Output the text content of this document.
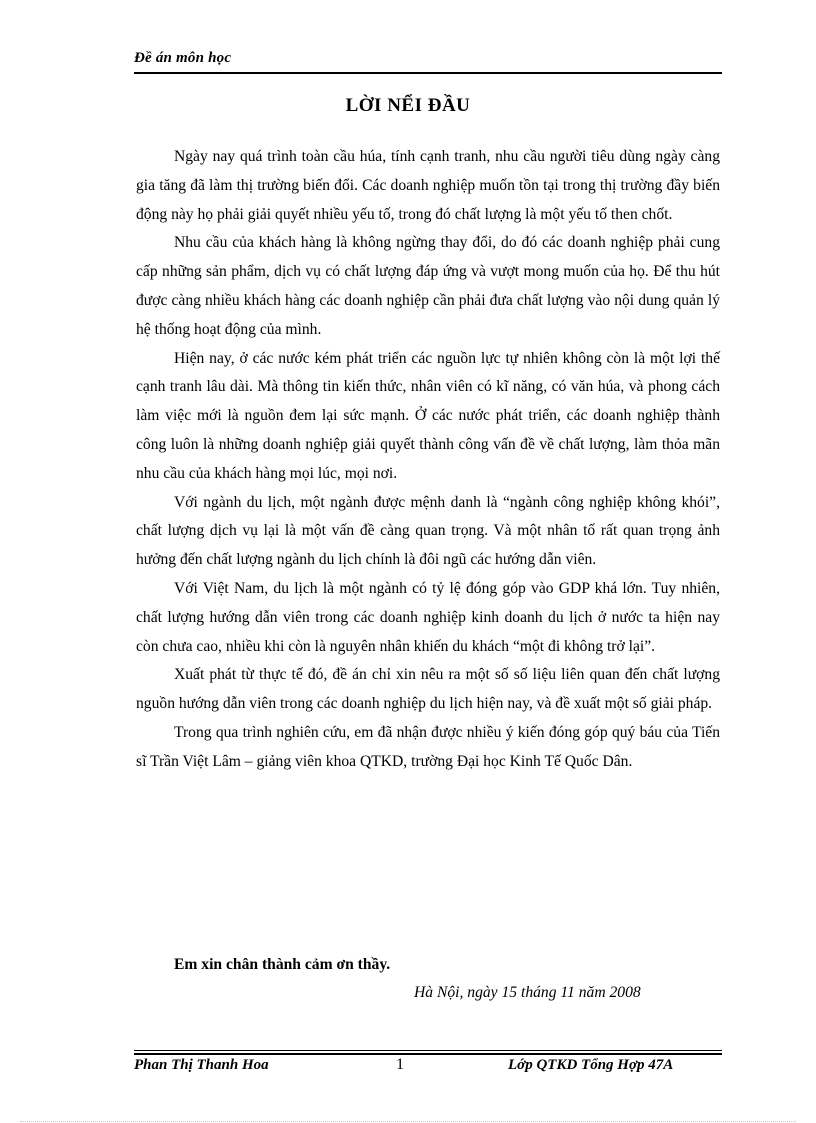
Đề án môn học
LỜI NỂI ĐẦU

Ngày nay quá trình toàn cầu húa, tính cạnh tranh, nhu cầu người tiêu dùng ngày càng gia tăng đã làm thị trường biến đổi. Các doanh nghiệp muốn tồn tại trong thị trường đầy biến động này họ phải giải quyết nhiều yếu tố, trong đó chất lượng là một yếu tố then chốt.

Nhu cầu của khách hàng là không ngừng thay đổi, do đó các doanh nghiệp phải cung cấp những sản phẩm, dịch vụ có chất lượng đáp ứng và vượt mong muốn của họ. Để thu hút được càng nhiều khách hàng các doanh nghiệp cần phải đưa chất lượng vào nội dung quản lý hệ thống hoạt động của mình.

Hiện nay, ở các nước kém phát triển các nguồn lực tự nhiên không còn là một lợi thế cạnh tranh lâu dài. Mà thông tin kiến thức, nhân viên có kĩ năng, có văn húa, và phong cách làm việc mới là nguồn đem lại sức mạnh. Ở các nước phát triển, các doanh nghiệp thành công luôn là những doanh nghiệp giải quyết thành công vấn đề về chất lượng, làm thỏa mãn nhu cầu của khách hàng mọi lúc, mọi nơi.

Với ngành du lịch, một ngành được mệnh danh là “ngành công nghiệp không khói”, chất lượng dịch vụ lại là một vấn đề càng quan trọng. Và một nhân tố rất quan trọng ảnh hưởng đến chất lượng ngành du lịch chính là đôi ngũ các hướng dẫn viên.

Với Việt Nam, du lịch là một ngành có tỷ lệ đóng góp vào GDP khá lớn. Tuy nhiên, chất lượng hướng dẫn viên trong các doanh nghiệp kinh doanh du lịch ở nước ta hiện nay còn chưa cao, nhiều khi còn là nguyên nhân khiến du khách “một đi không trở lại”.

Xuất phát từ thực tế đó, đề án chỉ xin nêu ra một số số liệu liên quan đến chất lượng nguồn hướng dẫn viên trong các doanh nghiệp du lịch hiện nay, và đề xuất một số giải pháp.

Trong qua trình nghiên cứu, em đã nhận được nhiều ý kiến đóng góp quý báu của Tiến sĩ Trần Việt Lâm – giảng viên khoa QTKD, trường Đại học Kinh Tế Quốc Dân.

Em xin chân thành cảm ơn thầy.
Hà Nội, ngày 15 tháng 11 năm 2008
Phan Thị Thanh Hoa	1	Lớp QTKD Tổng Hợp 47A
